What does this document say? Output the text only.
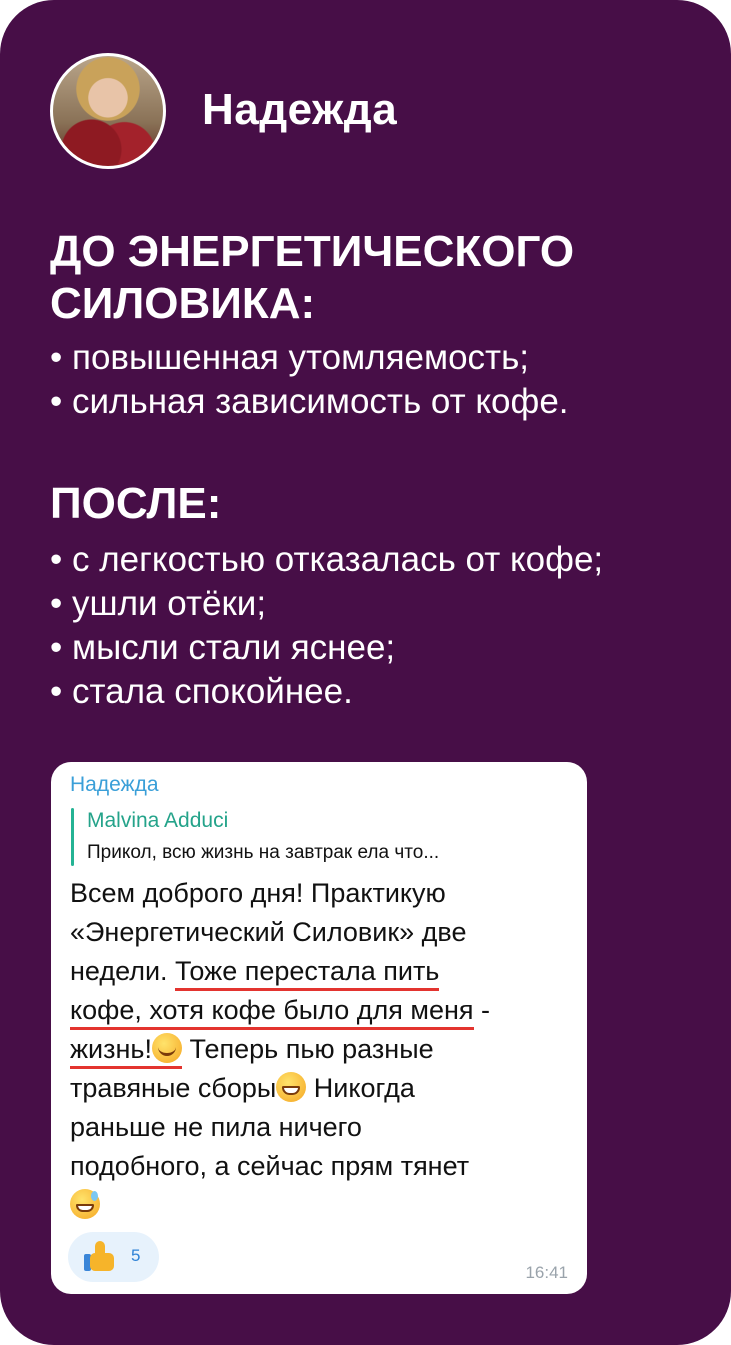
Надежда
ДО ЭНЕРГЕТИЧЕСКОГО
СИЛОВИКА:
• повышенная утомляемость;
• сильная зависимость от кофе.
ПОСЛЕ:
• с легкостью отказалась от кофе;
• ушли отёки;
• мысли стали яснее;
• стала спокойнее.
Надежда
Malvina Adduci
Прикол, всю жизнь на завтрак ела что...
Всем доброго дня! Практикую
«Энергетический Силовик» две
недели. Тоже перестала пить
кофе, хотя кофе было для меня -
жизнь! Теперь пью разные
травяные сборы Никогда
раньше не пила ничего
подобного, а сейчас прям тянет
5
16:41
